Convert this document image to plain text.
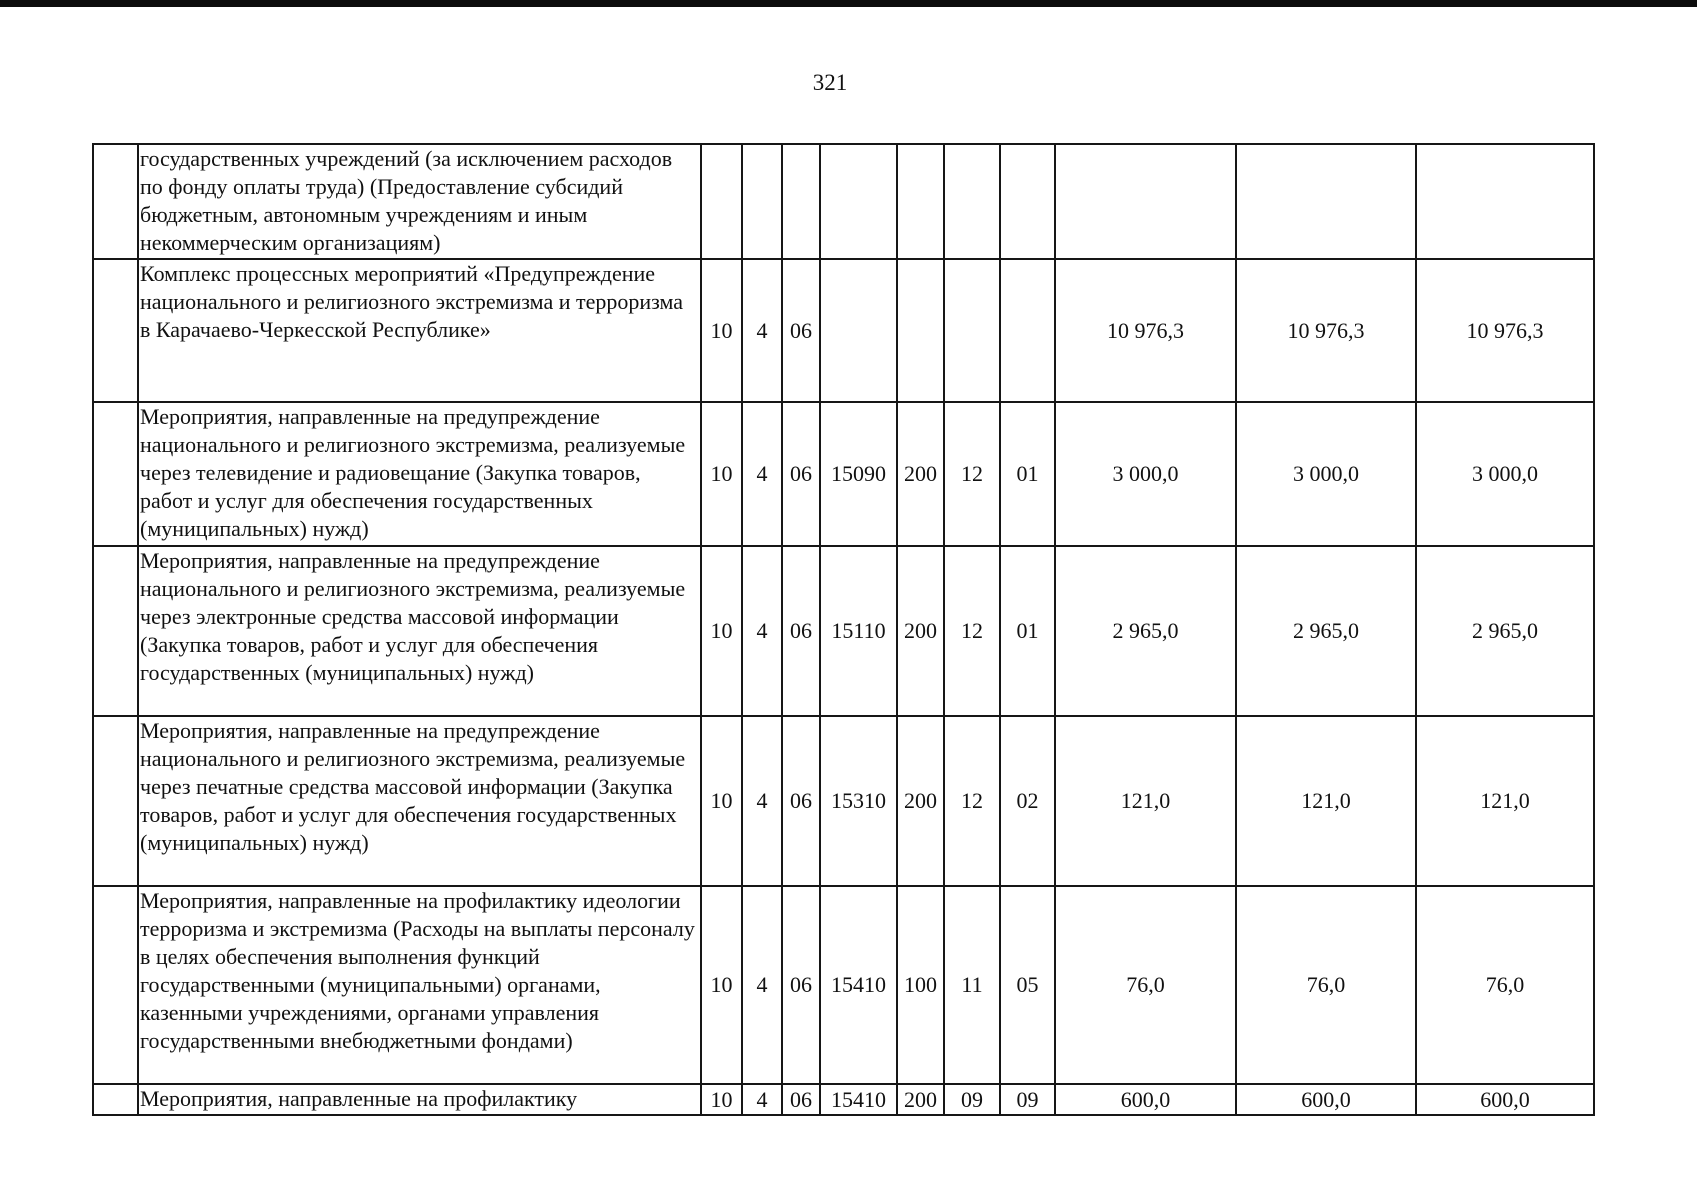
321
	государственных учреждений (за исключением расходов по фонду оплаты труда) (Предоставление субсидий бюджетным, автономным учреждениям и иным некоммерческим организациям)										
	Комплекс процессных мероприятий «Предупреждение национального и религиозного экстремизма и терроризма в Карачаево-Черкесской Республике»	10	4	06					10 976,3	10 976,3	10 976,3
	Мероприятия, направленные на предупреждение национального и религиозного экстремизма, реализуемые через телевидение и радиовещание (Закупка товаров, работ и услуг для обеспечения государственных (муниципальных) нужд)	10	4	06	15090	200	12	01	3 000,0	3 000,0	3 000,0
	Мероприятия, направленные на предупреждение национального и религиозного экстремизма, реализуемые через электронные средства массовой информации (Закупка товаров, работ и услуг для обеспечения государственных (муниципальных) нужд)	10	4	06	15110	200	12	01	2 965,0	2 965,0	2 965,0
	Мероприятия, направленные на предупреждение национального и религиозного экстремизма, реализуемые через печатные средства массовой информации (Закупка товаров, работ и услуг для обеспечения государственных (муниципальных) нужд)	10	4	06	15310	200	12	02	121,0	121,0	121,0
	Мероприятия, направленные на профилактику идеологии терроризма и экстремизма (Расходы на выплаты персоналу в целях обеспечения выполнения функций государственными (муниципальными) органами, казенными учреждениями, органами управления государственными внебюджетными фондами)	10	4	06	15410	100	11	05	76,0	76,0	76,0
	Мероприятия, направленные на профилактику	10	4	06	15410	200	09	09	600,0	600,0	600,0
